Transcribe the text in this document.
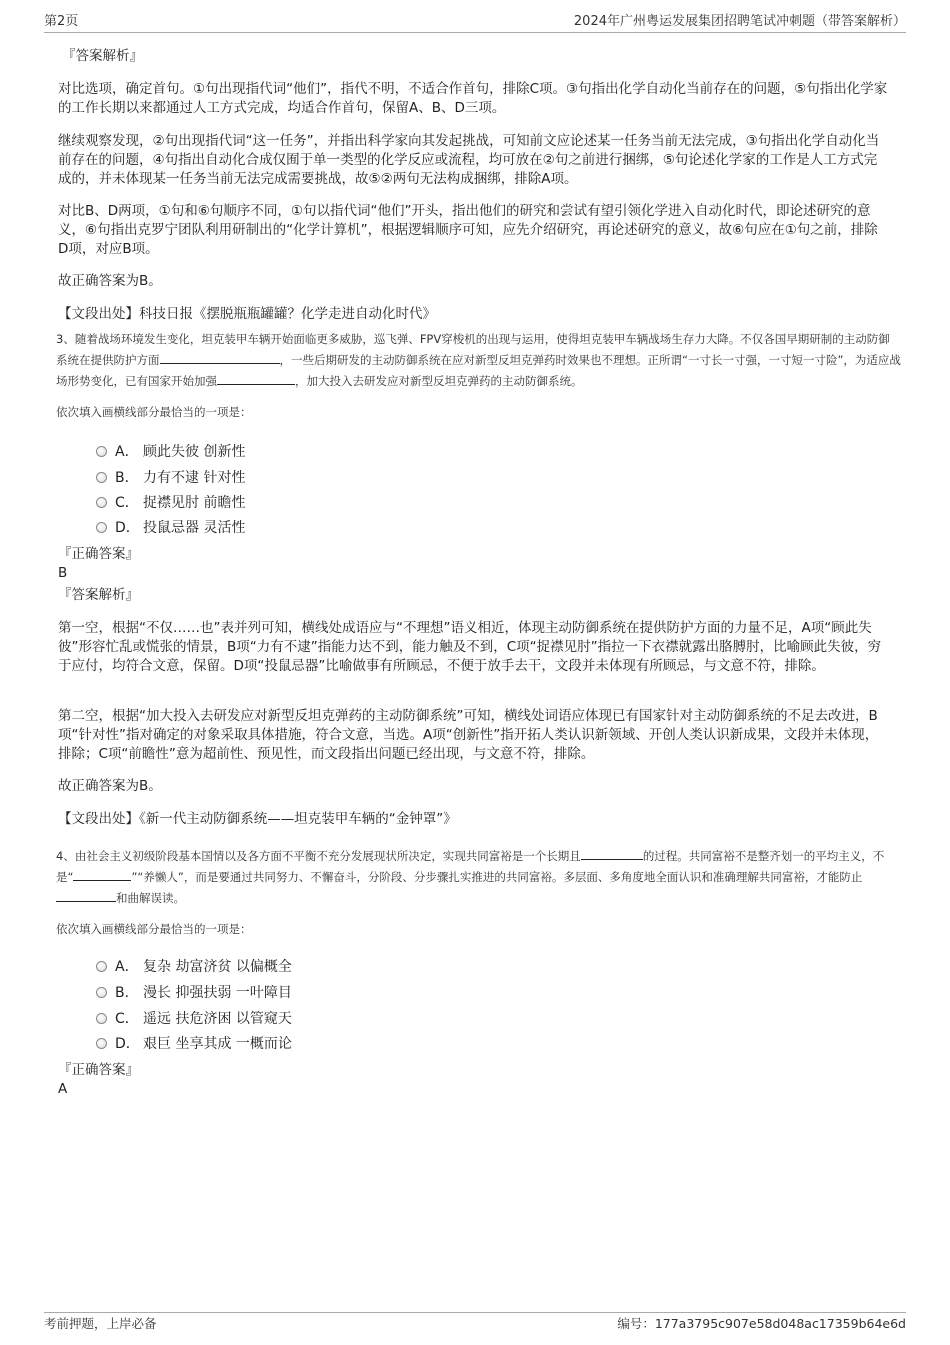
第2页	2024年广州粤运发展集团招聘笔试冲刺题（带答案解析）
『答案解析』
对比选项，确定首句。①句出现指代词“他们”，指代不明，不适合作首句，排除C项。③句指出化学自动化当前存在的问题，⑤句指出化学家的工作长期以来都通过人工方式完成，均适合作首句，保留A、B、D三项。
继续观察发现，②句出现指代词“这一任务”，并指出科学家向其发起挑战，可知前文应论述某一任务当前无法完成，③句指出化学自动化当前存在的问题，④句指出自动化合成仅囿于单一类型的化学反应或流程，均可放在②句之前进行捆绑，⑤句论述化学家的工作是人工方式完成的，并未体现某一任务当前无法完成需要挑战，故⑤②两句无法构成捆绑，排除A项。
对比B、D两项，①句和⑥句顺序不同，①句以指代词“他们”开头，指出他们的研究和尝试有望引领化学进入自动化时代，即论述研究的意义，⑥句指出克罗宁团队利用研制出的“化学计算机”，根据逻辑顺序可知，应先介绍研究，再论述研究的意义，故⑥句应在①句之前，排除D项，对应B项。
故正确答案为B。
【文段出处】科技日报《摆脱瓶瓶罐罐？化学走进自动化时代》
3、随着战场环境发生变化，坦克装甲车辆开始面临更多威胁，巡飞弹、FPV穿梭机的出现与运用，使得坦克装甲车辆战场生存力大降。不仅各国早期研制的主动防御系统在提供防护方面	，一些后期研发的主动防御系统在应对新型反坦克弹药时效果也不理想。正所谓“一寸长一寸强，一寸短一寸险”，为适应战场形势变化，已有国家开始加强	，加大投入去研发应对新型反坦克弹药的主动防御系统。
依次填入画横线部分最恰当的一项是：
A． 顾此失彼 创新性
B． 力有不逮 针对性
C． 捉襟见肘 前瞻性
D． 投鼠忌器 灵活性
『正确答案』
B
『答案解析』
第一空，根据“不仅……也”表并列可知，横线处成语应与“不理想”语义相近，体现主动防御系统在提供防护方面的力量不足，A项“顾此失彼”形容忙乱或慌张的情景，B项“力有不逮”指能力达不到，能力触及不到，C项“捉襟见肘”指拉一下衣襟就露出胳膊肘，比喻顾此失彼，穷于应付，均符合文意，保留。D项“投鼠忌器”比喻做事有所顾忌，不便于放手去干，文段并未体现有所顾忌，与文意不符，排除。
第二空，根据“加大投入去研发应对新型反坦克弹药的主动防御系统”可知，横线处词语应体现已有国家针对主动防御系统的不足去改进，B项“针对性”指对确定的对象采取具体措施，符合文意，当选。A项“创新性”指开拓人类认识新领域、开创人类认识新成果，文段并未体现，排除；C项“前瞻性”意为超前性、预见性，而文段指出问题已经出现，与文意不符，排除。
故正确答案为B。
【文段出处】《新一代主动防御系统——坦克装甲车辆的“金钟罩”》
4、由社会主义初级阶段基本国情以及各方面不平衡不充分发展现状所决定，实现共同富裕是一个长期且	的过程。共同富裕不是整齐划一的平均主义，不是“	”“养懒人”，而是要通过共同努力、不懈奋斗，分阶段、分步骤扎实推进的共同富裕。多层面、多角度地全面认识和准确理解共同富裕，才能防止和曲解误读。
依次填入画横线部分最恰当的一项是：
A． 复杂 劫富济贫 以偏概全
B． 漫长 抑强扶弱 一叶障目
C． 遥远 扶危济困 以管窥天
D． 艰巨 坐享其成 一概而论
『正确答案』
A
考前押题，上岸必备	编号：177a3795c907e58d048ac17359b64e6d
